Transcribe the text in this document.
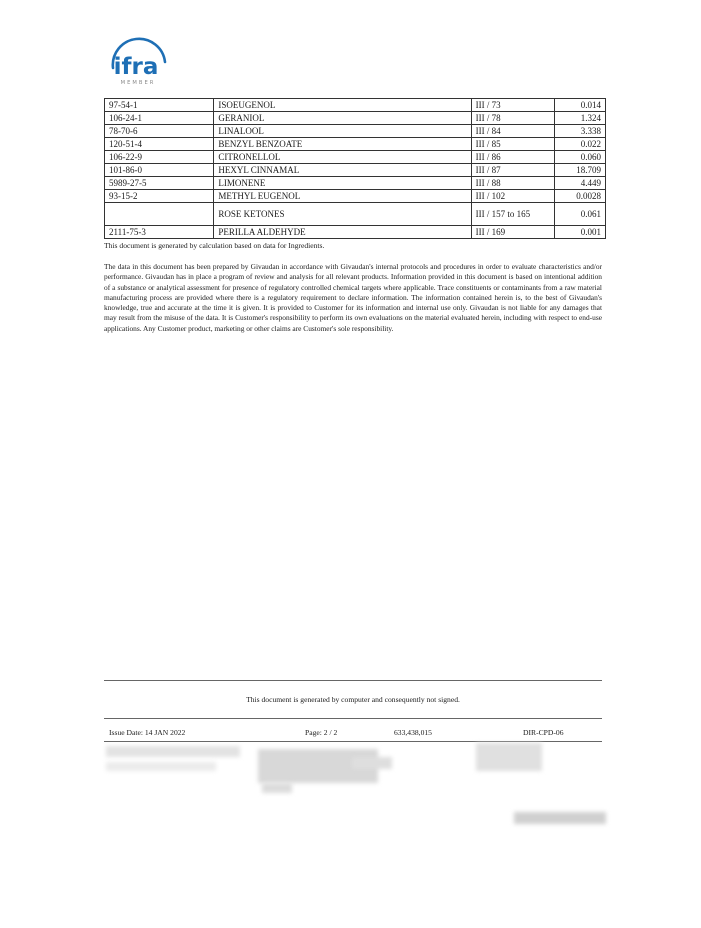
ifra
MEMBER
97-54-1	ISOEUGENOL	III / 73	0.014
106-24-1	GERANIOL	III / 78	1.324
78-70-6	LINALOOL	III / 84	3.338
120-51-4	BENZYL BENZOATE	III / 85	0.022
106-22-9	CITRONELLOL	III / 86	0.060
101-86-0	HEXYL CINNAMAL	III / 87	18.709
5989-27-5	LIMONENE	III / 88	4.449
93-15-2	METHYL EUGENOL	III / 102	0.0028
	ROSE KETONES	III / 157 to 165	0.061
2111-75-3	PERILLA ALDEHYDE	III / 169	0.001

This document is generated by calculation based on data for Ingredients.

The data in this document has been prepared by Givaudan in accordance with Givaudan's internal protocols and procedures in order to evaluate characteristics and/or performance. Givaudan has in place a program of review and analysis for all relevant products. Information provided in this document is based on intentional addition of a substance or analytical assessment for presence of regulatory controlled chemical targets where applicable. Trace constituents or contaminants from a raw material manufacturing process are provided where there is a regulatory requirement to declare information. The information contained herein is, to the best of Givaudan's knowledge, true and accurate at the time it is given. It is provided to Customer for its information and internal use only. Givaudan is not liable for any damages that may result from the misuse of the data. It is Customer's responsibility to perform its own evaluations on the material evaluated herein, including with respect to end-use applications. Any Customer product, marketing or other claims are Customer's sole responsibility.

This document is generated by computer and consequently not signed.
Issue Date: 14 JAN 2022	Page: 2 / 2	633,438,015	DIR-CPD-06
